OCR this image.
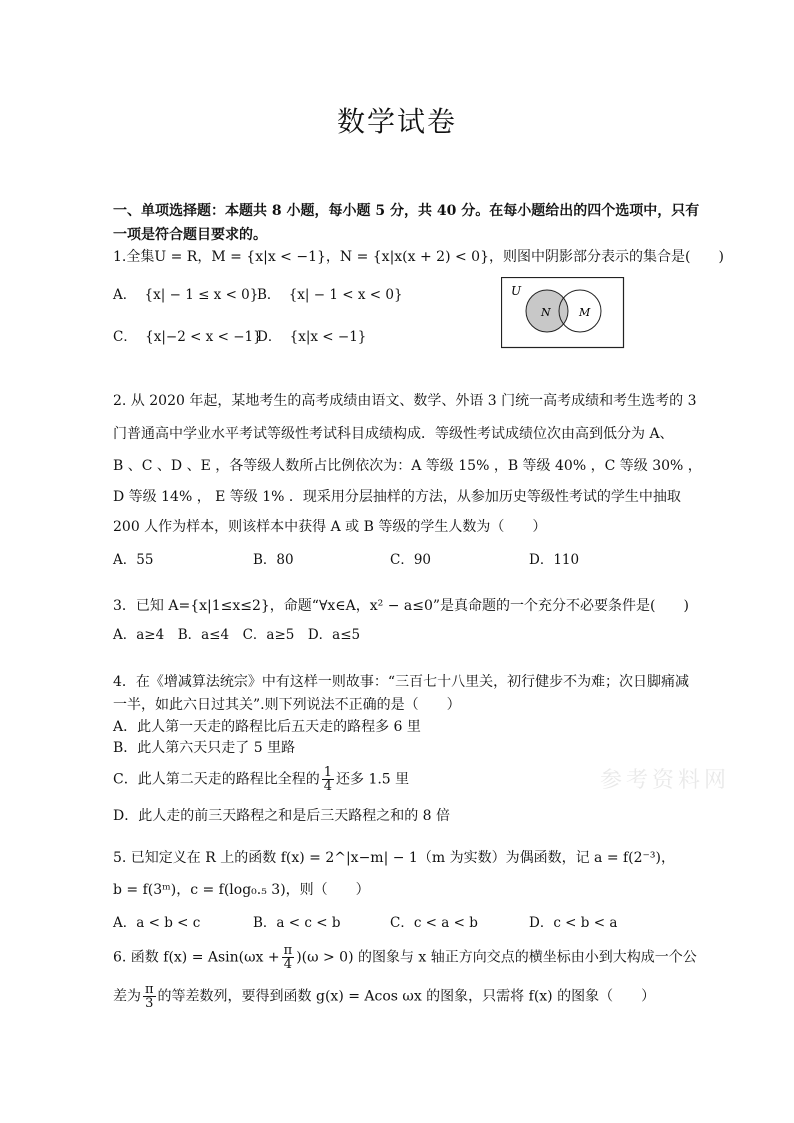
数学试卷
一、单项选择题：本题共 8 小题，每小题 5 分，共 40 分。在每小题给出的四个选项中，只有
一项是符合题目要求的。
1.全集U = R，M = {x|x < −1}，N = {x|x(x + 2) < 0}，则图中阴影部分表示的集合是(　　)
A． {x| − 1 ≤ x < 0}
B． {x| − 1 < x < 0}
C． {x|−2 < x < −1}
D． {x|x < −1}
U
N	M
2. 从 2020 年起，某地考生的高考成绩由语文、数学、外语 3 门统一高考成绩和考生选考的 3
门普通高中学业水平考试等级性考试科目成绩构成．等级性考试成绩位次由高到低分为 A、
B 、C 、D 、E ，各等级人数所占比例依次为：A 等级 15% ，B 等级 40% ，C 等级 30% ，
D 等级 14% ， E 等级 1% ．现采用分层抽样的方法，从参加历史等级性考试的学生中抽取
200 人作为样本，则该样本中获得 A 或 B 等级的学生人数为（　　）
A．55	B．80	C．90	D．110
3．已知 A={x|1≤x≤2}，命题“∀x∈A，x² − a≤0”是真命题的一个充分不必要条件是(　　)
A．a≥4　B．a≤4　C．a≥5　D．a≤5
4．在《增减算法统宗》中有这样一则故事：“三百七十八里关，初行健步不为难；次日脚痛减
一半，如此六日过其关”.则下列说法不正确的是（　　）
A．此人第一天走的路程比后五天走的路程多 6 里
B．此人第六天只走了 5 里路
C．此人第二天走的路程比全程的 $\frac{1}{4}$ 还多 1.5 里	参考资料网
D．此人走的前三天路程之和是后三天路程之和的 8 倍
5. 已知定义在 R 上的函数 f(x) = 2^|x−m| − 1（m 为实数）为偶函数，记 a = f(2⁻³)，
b = f(3ᵐ)，c = f(log₀.₅ 3)，则（　　）
A．a < b < c	B．a < c < b	C．c < a < b	D．c < b < a
6. 函数 $f(x) = Asin(\omega x + \frac{\pi}{4} )(\omega > 0)$ 的图象与 x 轴正方向交点的横坐标由小到大构成一个公
差为 $\frac{\pi}{3}$ 的等差数列，要得到函数 g(x) = Acos ωx 的图象，只需将 f(x) 的图象（　　）
